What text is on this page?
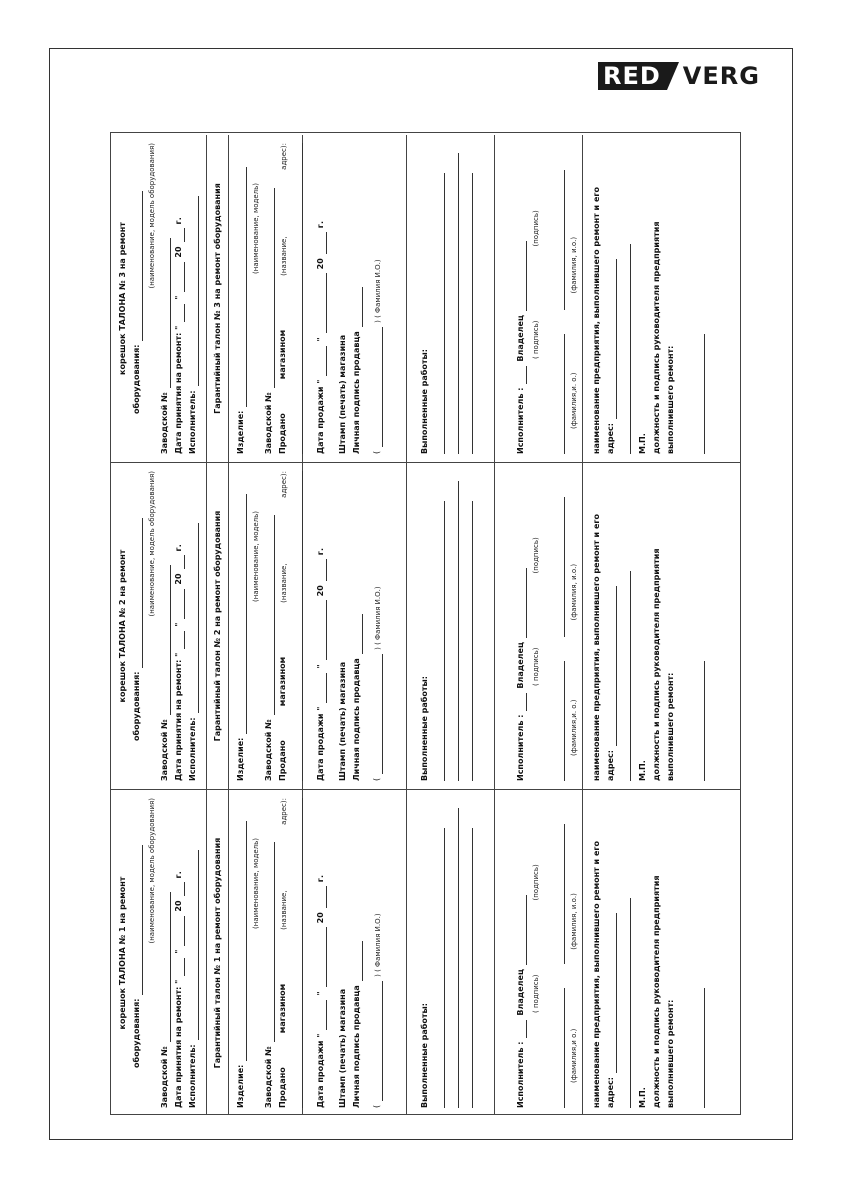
RED VERG
корешок ТАЛОНА № 1 на ремонт
оборудования:
(наименование, модель оборудования)
Заводской № Дата принятия на ремонт: "
"
20
г.
Исполнитель:
Гарантийный талон № 1 на ремонт оборудования
Изделие:
(наименование, модель)
Заводской № Продано
магазином
(название,
адрес):
Дата продажи "
"
20
г.
Штамп (печать) магазина Личная подпись продавца (
) ( Фамилия И.О.)
Выполненные работы:	Исполнитель :
Владелец ( подпись)
(подпись)
(фамилия,и о.)
(фамилия, и.о.) наименование предприятия, выполнившего ремонт и его адрес:	М.П. должность и подпись руководителя предприятия выполнившего ремонт:
корешок ТАЛОНА № 2 на ремонт
оборудования:
(наименование, модель оборудования)
Заводской № Дата принятия на ремонт: "
"
20
г.
Исполнитель:
Гарантийный талон № 2 на ремонт оборудования
Изделие:
(наименование, модель)
Заводской № Продано
магазином
(название,
адрес):
Дата продажи "
"
20
г.
Штамп (печать) магазина Личная подпись продавца (
) ( Фамилия И.О.)
Выполненные работы:	Исполнитель :
Владелец ( подпись)
(подпись)
(фамилия,и. о.)
(фамилия, и.о.) наименование предприятия, выполнившего ремонт и его адрес:	М.П. должность и подпись руководителя предприятия выполнившего ремонт:
корешок ТАЛОНА № 3 на ремонт
оборудования:
(наименование, модель оборудования)
Заводской № Дата принятия на ремонт: "
"
20
г.
Исполнитель:
Гарантийный талон № 3 на ремонт оборудования
Изделие:
(наименование, модель)
Заводской № Продано
магазином
(название,
адрес):
Дата продажи "
"
20
г.
Штамп (печать) магазина Личная подпись продавца (
) ( Фамилия И.О.)
Выполненные работы:	Исполнитель :
Владелец ( подпись)
(подпись)
(фамилия,и. о.)
(фамилия, и.о.) наименование предприятия, выполнившего ремонт и его адрес:	М.П. должность и подпись руководителя предприятия выполнившего ремонт:
